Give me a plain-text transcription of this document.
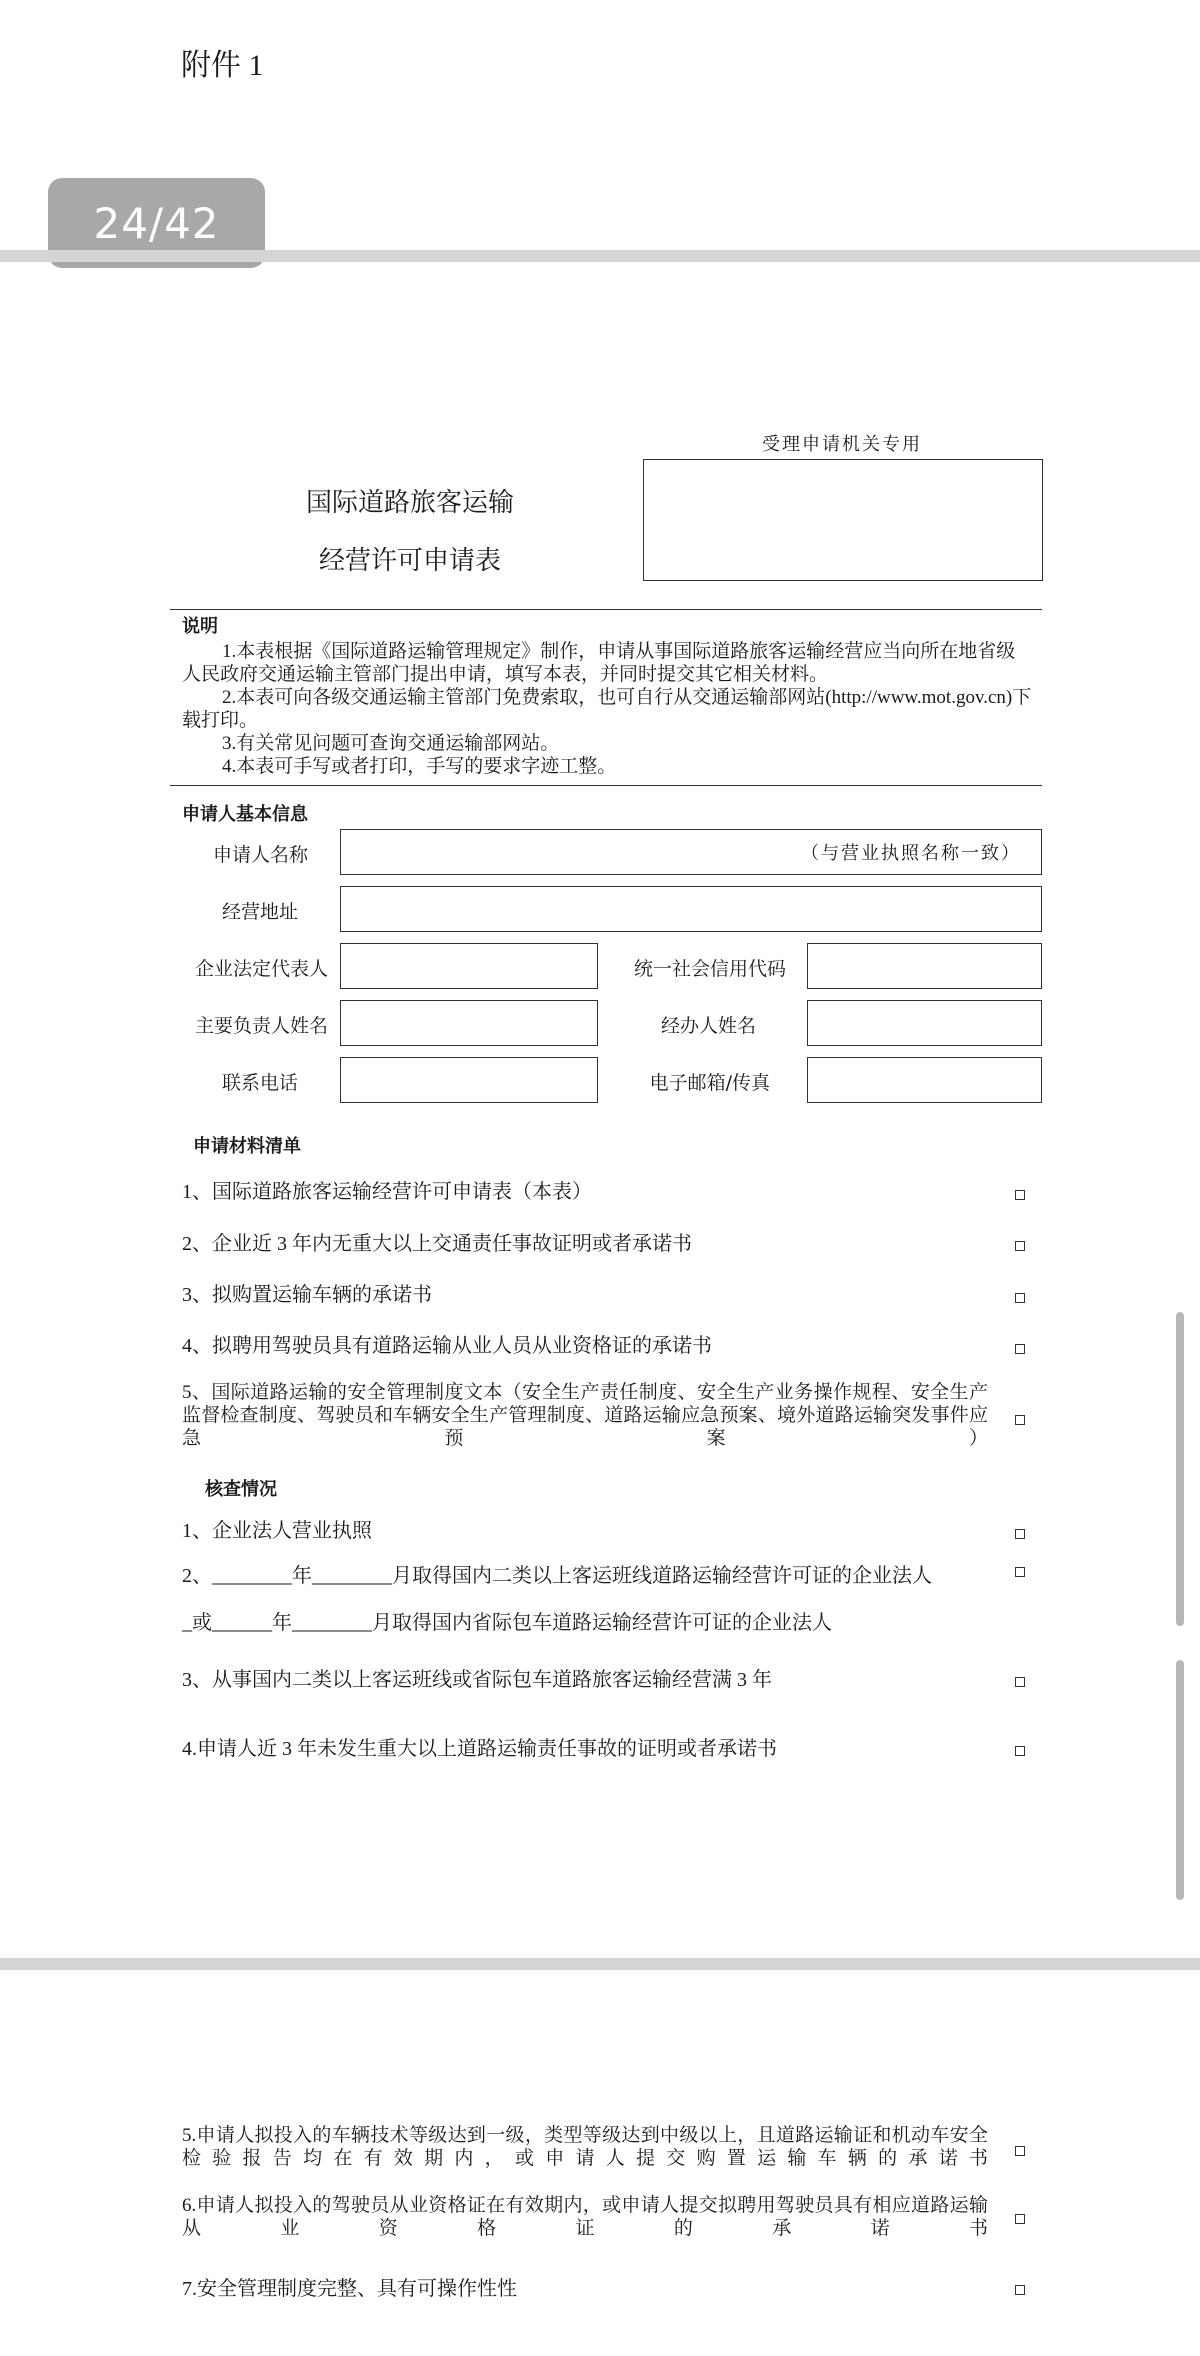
附件 1
24/42
国际道路旅客运输
经营许可申请表
受理申请机关专用
说明

1.本表根据《国际道路运输管理规定》制作，申请从事国际道路旅客运输经营应当向所在地省级人民政府交通运输主管部门提出申请，填写本表，并同时提交其它相关材料。

2.本表可向各级交通运输主管部门免费索取，也可自行从交通运输部网站(http://www.mot.gov.cn)下载打印。

3.有关常见问题可查询交通运输部网站。

4.本表可手写或者打印，手写的要求字迹工整。

申请人基本信息
申请人名称	（与营业执照名称一致）
经营地址
企业法定代表人	统一社会信用代码
主要负责人姓名	经办人姓名
联系电话	电子邮箱/传真
申请材料清单
1、国际道路旅客运输经营许可申请表（本表）
2、企业近 3 年内无重大以上交通责任事故证明或者承诺书
3、拟购置运输车辆的承诺书
4、拟聘用驾驶员具有道路运输从业人员从业资格证的承诺书
5、国际道路运输的安全管理制度文本（安全生产责任制度、安全生产业务操作规程、安全生产监督检查制度、驾驶员和车辆安全生产管理制度、道路运输应急预案、境外道路运输突发事件应急预案）
核查情况
1、企业法人营业执照
2、________年________月取得国内二类以上客运班线道路运输经营许可证的企业法人
_或______年________月取得国内省际包车道路运输经营许可证的企业法人
3、从事国内二类以上客运班线或省际包车道路旅客运输经营满 3 年
4.申请人近 3 年未发生重大以上道路运输责任事故的证明或者承诺书
5.申请人拟投入的车辆技术等级达到一级，类型等级达到中级以上，且道路运输证和机动车安全检验报告均在有效期内，或申请人提交购置运输车辆的承诺书
6.申请人拟投入的驾驶员从业资格证在有效期内，或申请人提交拟聘用驾驶员具有相应道路运输从业资格证的承诺书
7.安全管理制度完整、具有可操作性性
